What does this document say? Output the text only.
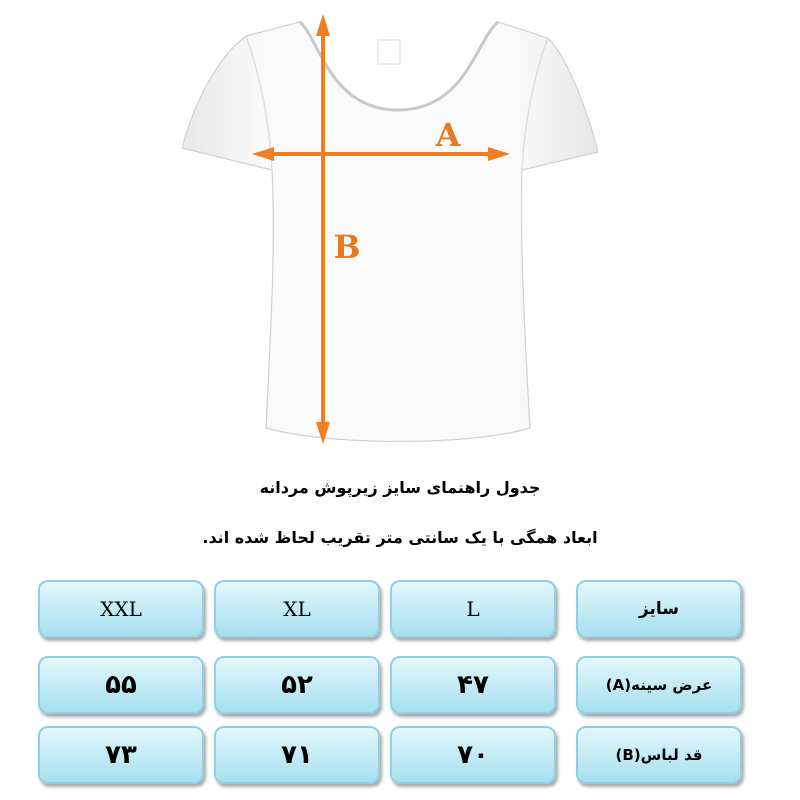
A
B
جدول راهنمای سایز زیرپوش مردانه
ابعاد همگی با یک سانتی متر تقریب لحاظ شده اند.
سایز
L
XL
XXL
عرض سینه(A)
۴۷
۵۲
۵۵
قد لباس(B)
۷۰
۷۱
۷۳
